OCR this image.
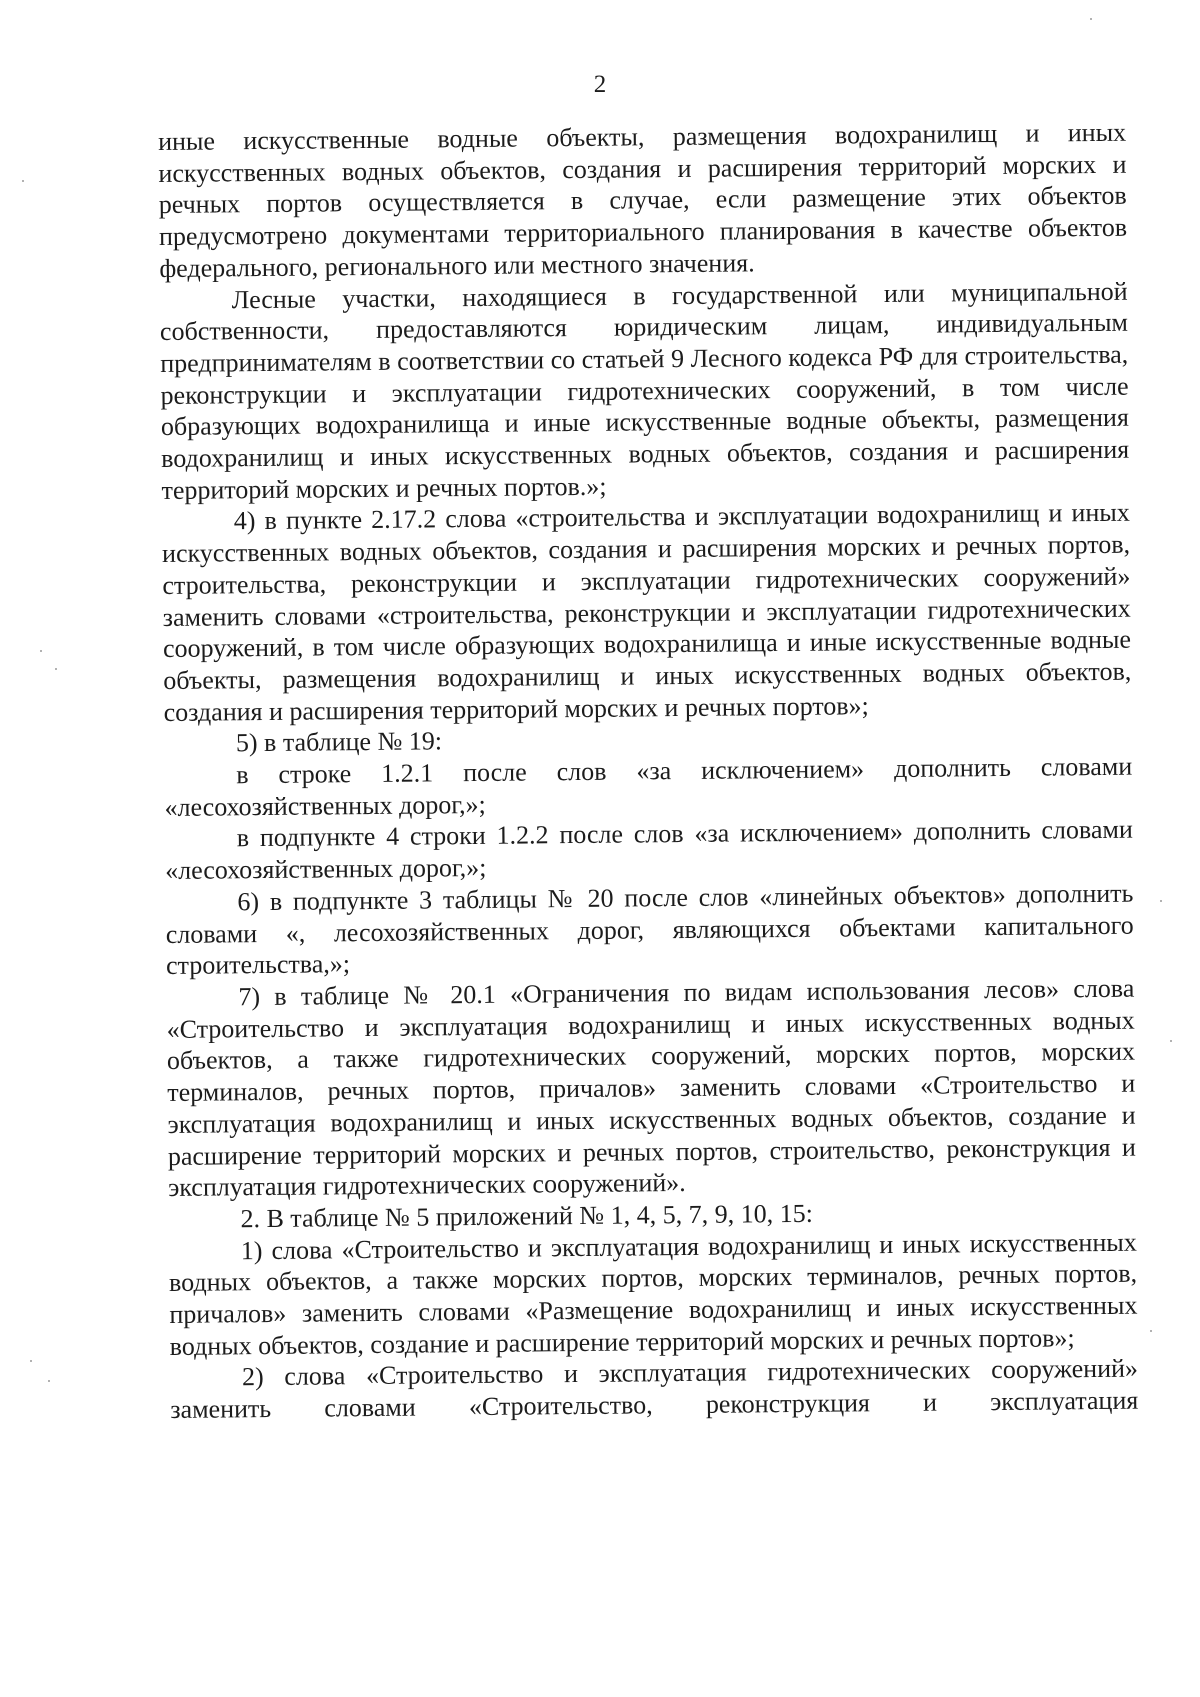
2

иные искусственные водные объекты, размещения водохранилищ и иных искусственных водных объектов, создания и расширения территорий морских и речных портов осуществляется в случае, если размещение этих объектов предусмотрено документами территориального планирования в качестве объектов федерального, регионального или местного значения.

Лесные участки, находящиеся в государственной или муниципальной собственности, предоставляются юридическим лицам, индивидуальным предпринимателям в соответствии со статьей 9 Лесного кодекса РФ для строительства, реконструкции и эксплуатации гидротехнических сооружений, в том числе образующих водохранилища и иные искусственные водные объекты, размещения водохранилищ и иных искусственных водных объектов, создания и расширения территорий морских и речных портов.»;

4) в пункте 2.17.2 слова «строительства и эксплуатации водохранилищ и иных искусственных водных объектов, создания и расширения морских и речных портов, строительства, реконструкции и эксплуатации гидротехнических сооружений» заменить словами «строительства, реконструкции и эксплуатации гидротехнических сооружений, в том числе образующих водохранилища и иные искусственные водные объекты, размещения водохранилищ и иных искусственных водных объектов, создания и расширения территорий морских и речных портов»;

5) в таблице № 19:

в строке 1.2.1 после слов «за исключением» дополнить словами «лесохозяйственных дорог,»;

в подпункте 4 строки 1.2.2 после слов «за исключением» дополнить словами «лесохозяйственных дорог,»;

6) в подпункте 3 таблицы № 20 после слов «линейных объектов» дополнить словами «, лесохозяйственных дорог, являющихся объектами капитального строительства,»;

7) в таблице № 20.1 «Ограничения по видам использования лесов» слова «Строительство и эксплуатация водохранилищ и иных искусственных водных объектов, а также гидротехнических сооружений, морских портов, морских терминалов, речных портов, причалов» заменить словами «Строительство и эксплуатация водохранилищ и иных искусственных водных объектов, создание и расширение территорий морских и речных портов, строительство, реконструкция и эксплуатация гидротехнических сооружений».

2. В таблице № 5 приложений № 1, 4, 5, 7, 9, 10, 15:

1) слова «Строительство и эксплуатация водохранилищ и иных искусственных водных объектов, а также морских портов, морских терминалов, речных портов, причалов» заменить словами «Размещение водохранилищ и иных искусственных водных объектов, создание и расширение территорий морских и речных портов»;

2) слова «Строительство и эксплуатация гидротехнических сооружений» заменить словами «Строительство, реконструкция и эксплуатация
